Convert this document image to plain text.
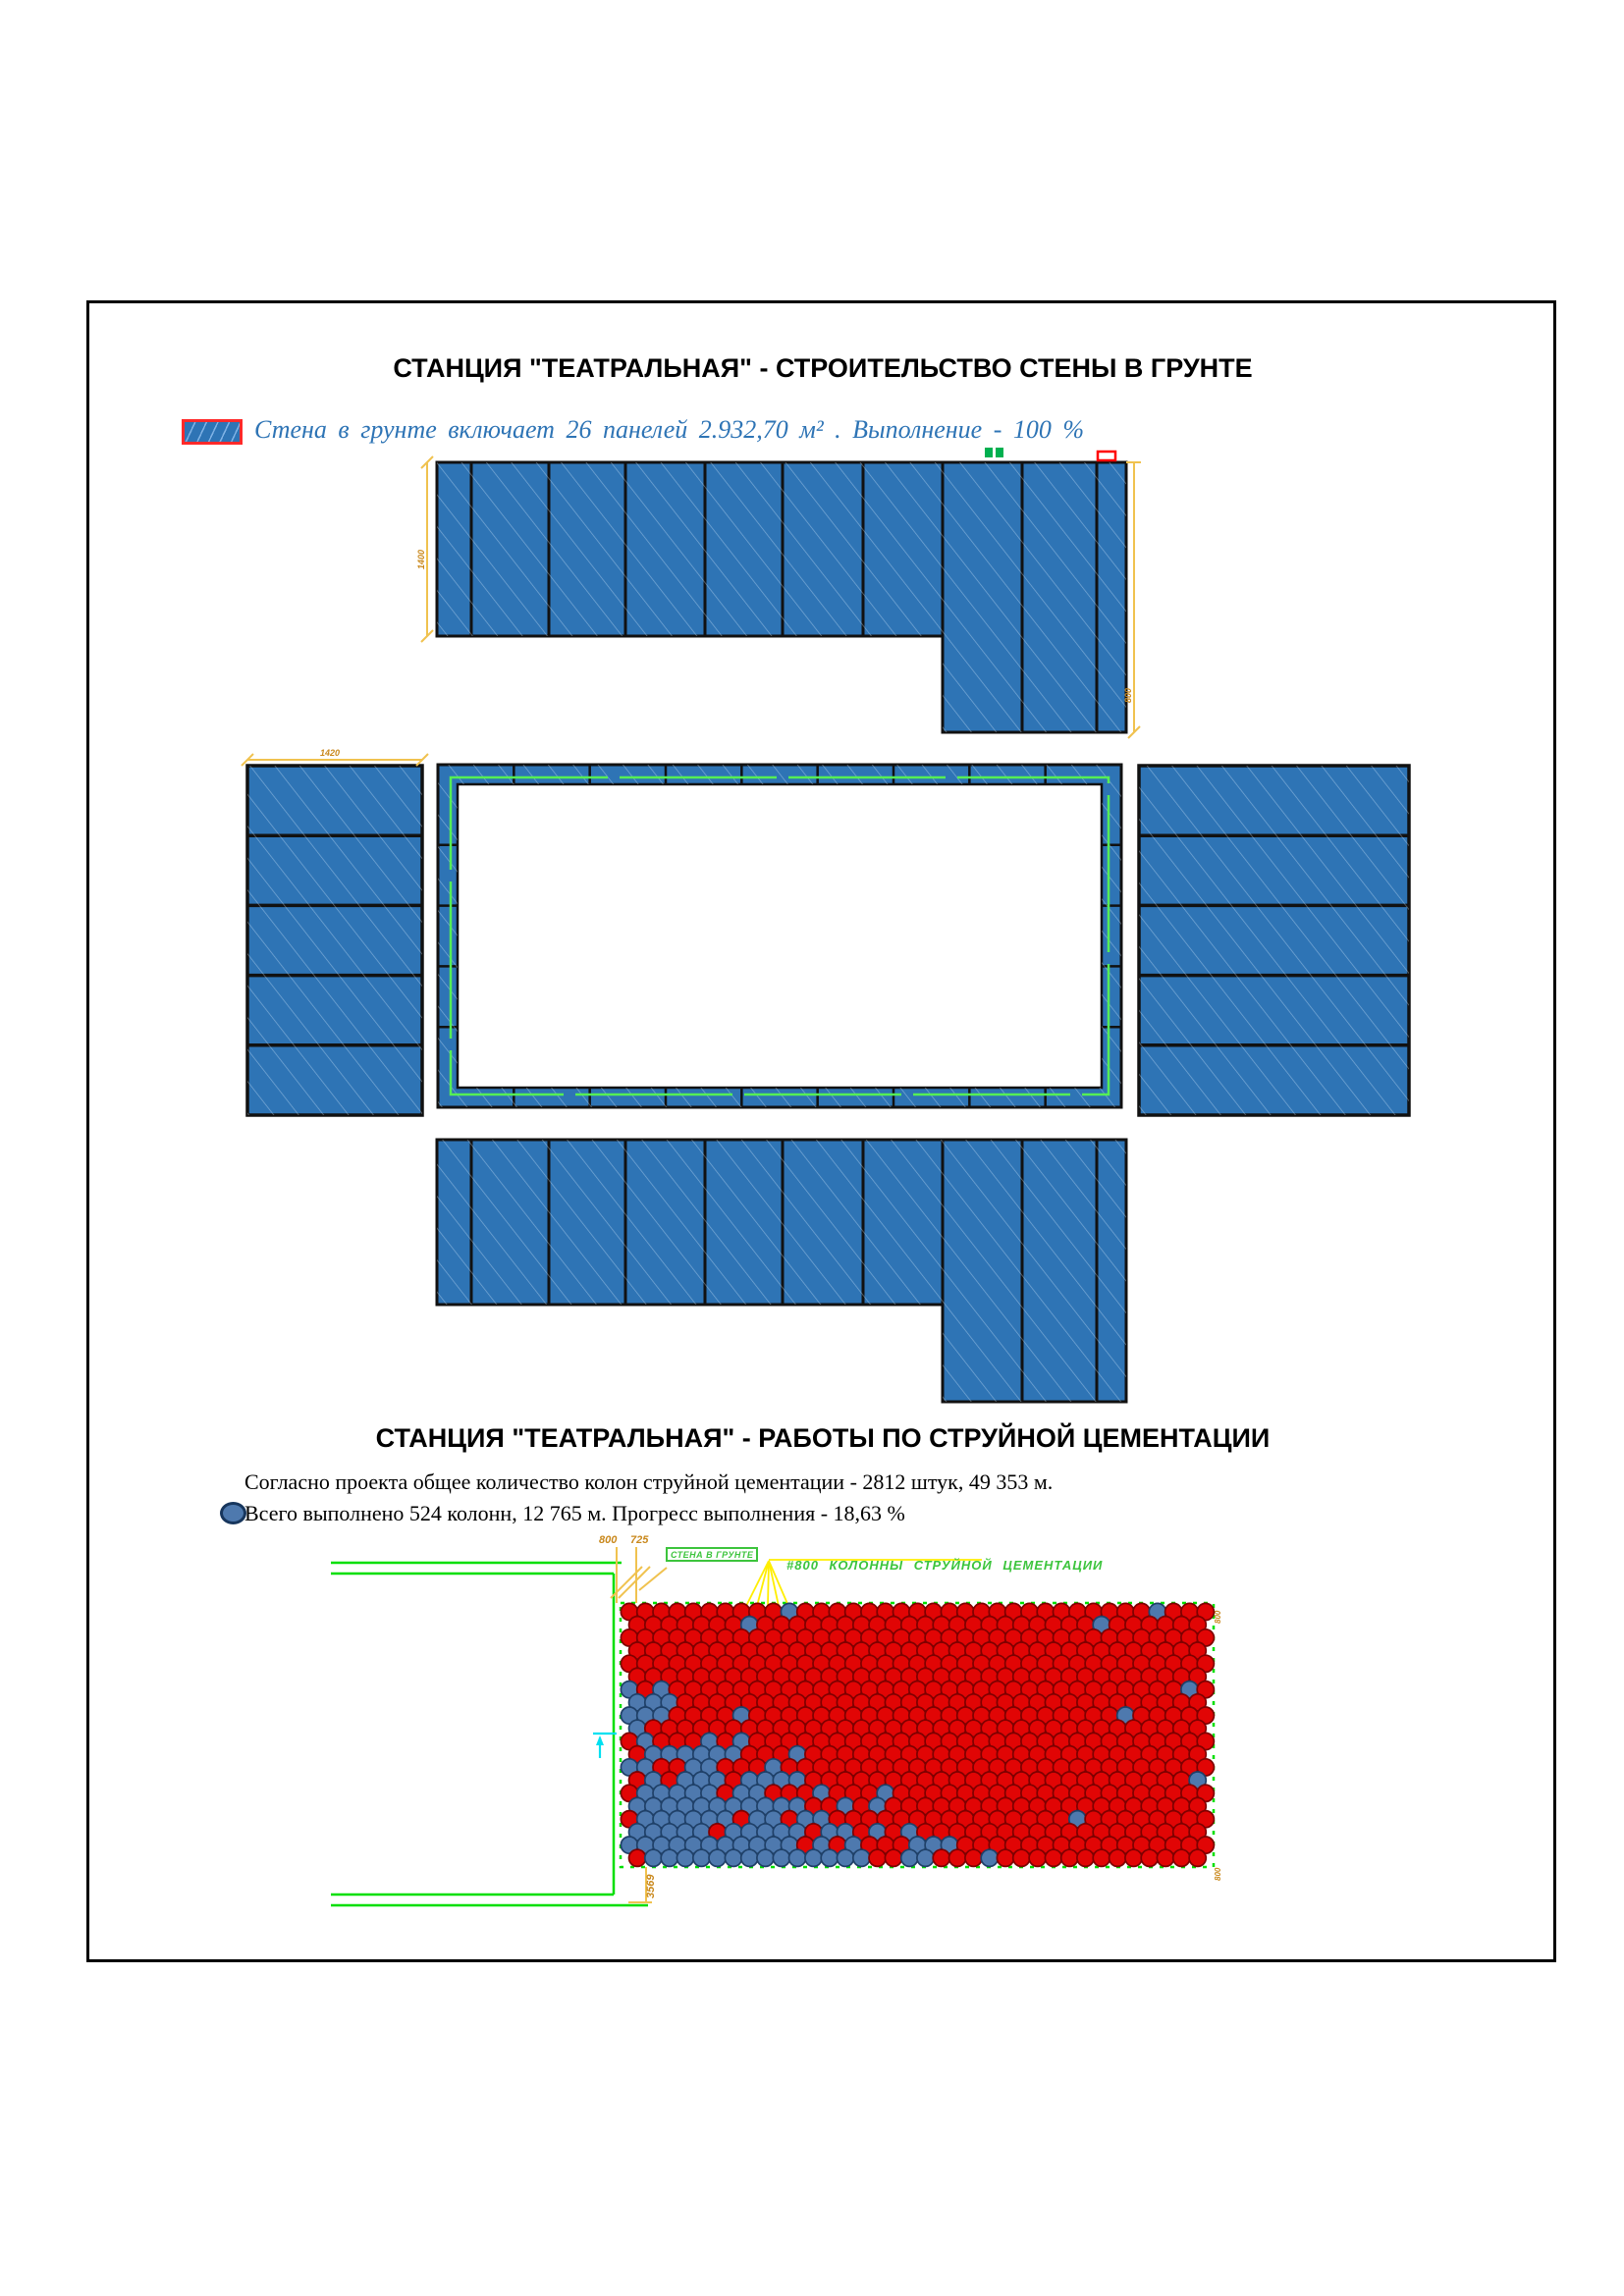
1400
800
1420
3569
800
800
СТАНЦИЯ "ТЕАТРАЛЬНАЯ" - СТРОИТЕЛЬСТВО СТЕНЫ В ГРУНТЕ
Стена в грунте включает 26 панелей 2.932,70 м² . Выполнение - 100 %
СТАНЦИЯ "ТЕАТРАЛЬНАЯ" - РАБОТЫ ПО СТРУЙНОЙ ЦЕМЕНТАЦИИ
Согласно проекта общее количество колон струйной цементации - 2812 штук, 49 353 м.
Всего выполнено 524 колонн, 12 765 м. Прогресс выполнения - 18,63 %
800 725
СТЕНА В ГРУНТЕ
#800 КОЛОННЫ СТРУЙНОЙ ЦЕМЕНТАЦИИ
